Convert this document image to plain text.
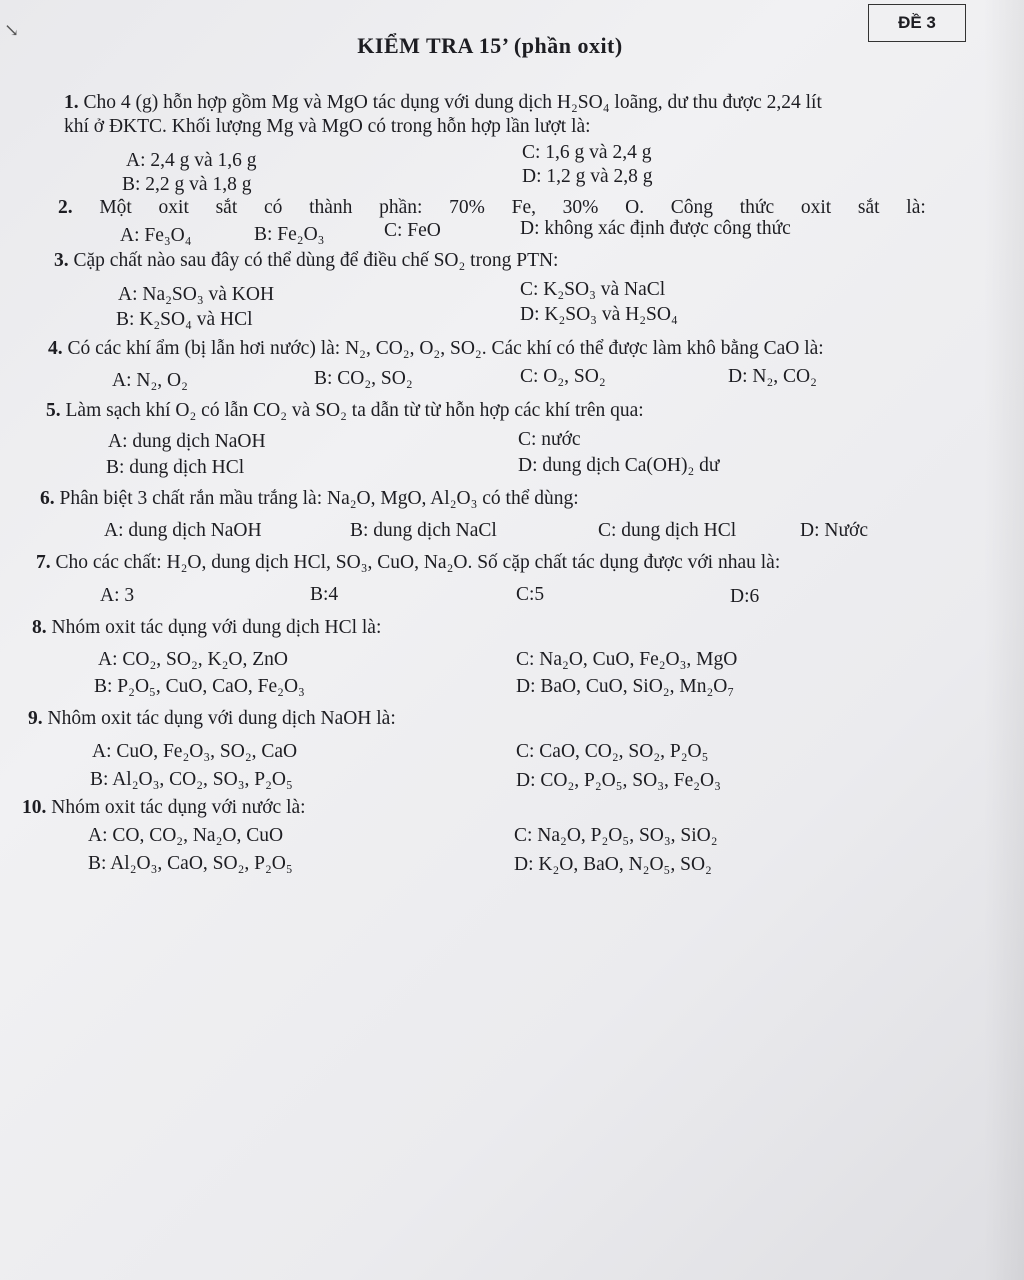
↘	ĐỀ 3
KIỂM TRA 15’ (phần oxit)
1. Cho 4 (g) hỗn hợp gồm Mg và MgO tác dụng với dung dịch H₂SO₄ loãng, dư thu được 2,24 lít
khí ở ĐKTC. Khối lượng Mg và MgO có trong hỗn hợp lần lượt là:
A: 2,4 g và 1,6 g
B: 2,2 g và 1,8 g
C: 1,6 g và 2,4 g
D: 1,2 g và 2,8 g
2. Một oxit sắt có thành phần: 70% Fe, 30% O. Công thức oxit sắt là:
A: Fe₃O₄	B: Fe₂O₃	C: FeO	D: không xác định được công thức
3. Cặp chất nào sau đây có thể dùng để điều chế SO₂ trong PTN:
A: Na₂SO₃ và KOH
B: K₂SO₄ và HCl
C: K₂SO₃ và NaCl
D: K₂SO₃ và H₂SO₄
4. Có các khí ẩm (bị lẫn hơi nước) là: N₂, CO₂, O₂, SO₂. Các khí có thể được làm khô bằng CaO là:
A: N₂, O₂	B: CO₂, SO₂	C: O₂, SO₂	D: N₂, CO₂
5. Làm sạch khí O₂ có lẫn CO₂ và SO₂ ta dẫn từ từ hỗn hợp các khí trên qua:
A: dung dịch NaOH
B: dung dịch HCl
C: nước
D: dung dịch Ca(OH)₂ dư
6. Phân biệt 3 chất rắn mầu trắng là: Na₂O, MgO, Al₂O₃ có thể dùng:
A: dung dịch NaOH	B: dung dịch NaCl	C: dung dịch HCl	D: Nước
7. Cho các chất: H₂O, dung dịch HCl, SO₃, CuO, Na₂O. Số cặp chất tác dụng được với nhau là:
A: 3	B:4	C:5	D:6
8. Nhóm oxit tác dụng với dung dịch HCl là:
A: CO₂, SO₂, K₂O, ZnO
B: P₂O₅, CuO, CaO, Fe₂O₃
C: Na₂O, CuO, Fe₂O₃, MgO
D: BaO, CuO, SiO₂, Mn₂O₇
9. Nhôm oxit tác dụng với dung dịch NaOH là:
A: CuO, Fe₂O₃, SO₂, CaO
B: Al₂O₃, CO₂, SO₃, P₂O₅
C: CaO, CO₂, SO₂, P₂O₅
D: CO₂, P₂O₅, SO₃, Fe₂O₃
10. Nhóm oxit tác dụng với nước là:
A: CO, CO₂, Na₂O, CuO
B: Al₂O₃, CaO, SO₂, P₂O₅
C: Na₂O, P₂O₅, SO₃, SiO₂
D: K₂O, BaO, N₂O₅, SO₂
